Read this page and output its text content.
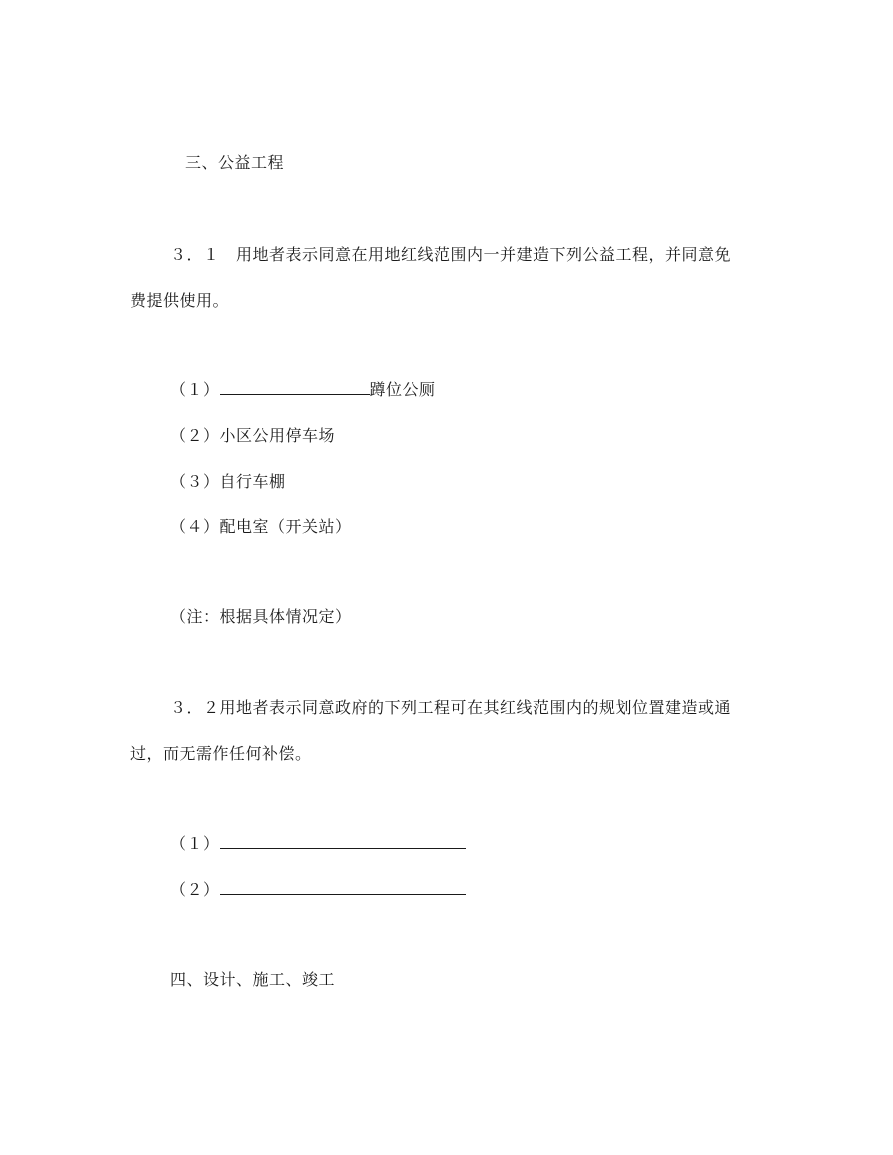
三、公益工程
３．１　用地者表示同意在用地红线范围内一并建造下列公益工程，并同意免
费提供使用。
（１）	蹲位公厕
（２）小区公用停车场
（３）自行车棚
（４）配电室（开关站）
（注：根据具体情况定）
３．２用地者表示同意政府的下列工程可在其红线范围内的规划位置建造或通
过，而无需作任何补偿。
（１）
（２）
四、设计、施工、竣工
